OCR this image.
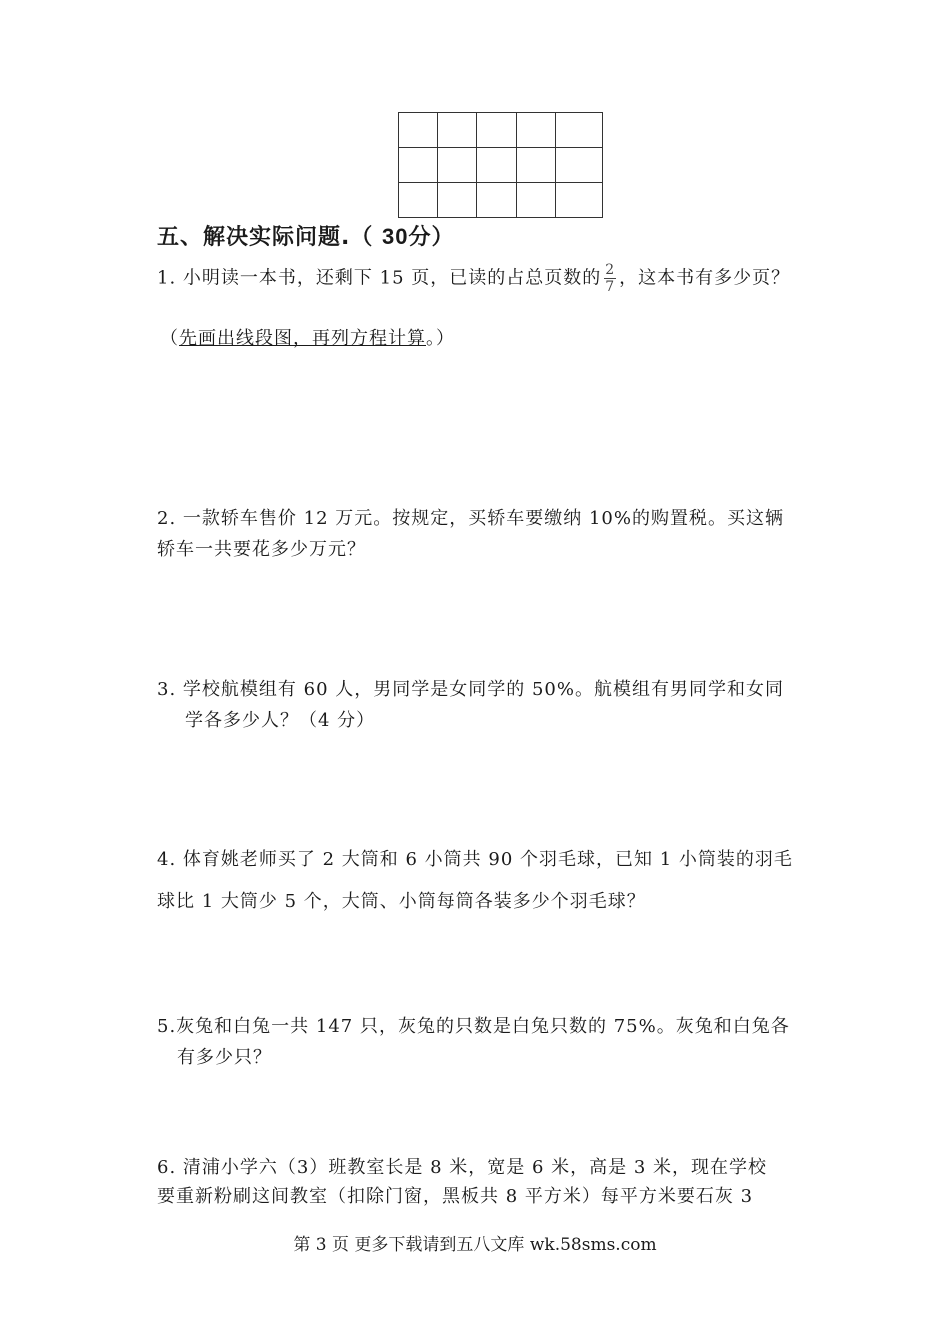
五、解决实际问题.（ 30分）
1. 小明读一本书，还剩下 15 页，已读的占总页数的 $\frac{2}{7}$ ，这本书有多少页？
（先画出线段图，再列方程计算。）
2. 一款轿车售价 12 万元。按规定，买轿车要缴纳 10%的购置税。买这辆
轿车一共要花多少万元？
3. 学校航模组有 60 人，男同学是女同学的 50%。航模组有男同学和女同
学各多少人？（4 分）
4. 体育姚老师买了 2 大筒和 6 小筒共 90 个羽毛球，已知 1 小筒装的羽毛
球比 1 大筒少 5 个，大筒、小筒每筒各装多少个羽毛球？
5.灰兔和白兔一共 147 只，灰兔的只数是白兔只数的 75%。灰兔和白兔各
有多少只？
6. 清浦小学六（3）班教室长是 8 米，宽是 6 米，高是 3 米，现在学校
要重新粉刷这间教室（扣除门窗，黑板共 8 平方米）每平方米要石灰 3
第 3 页 更多下载请到五八文库 wk.58sms.com
